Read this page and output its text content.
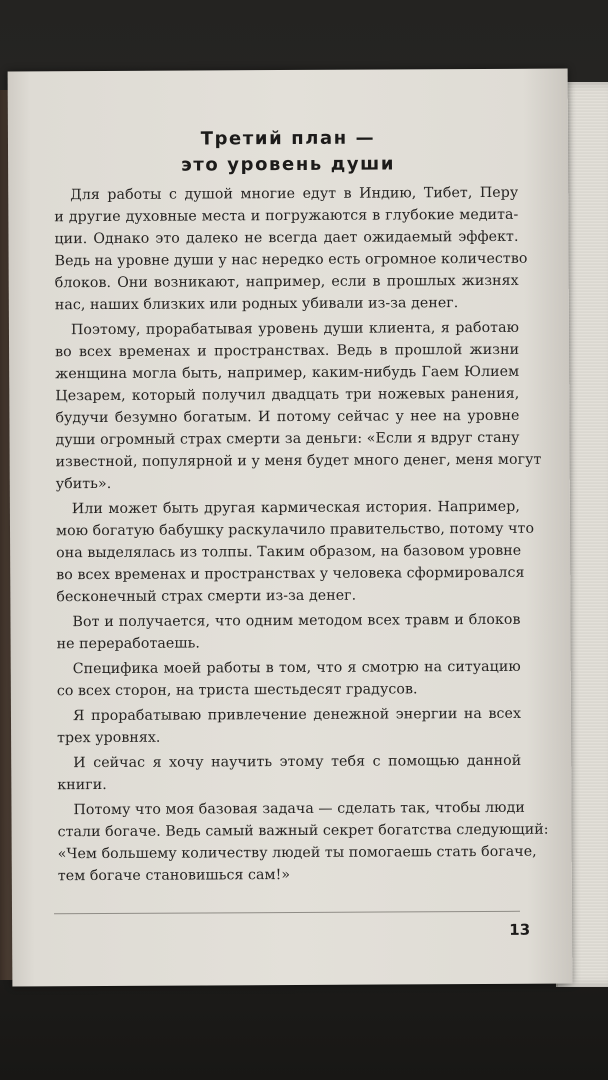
Третий план —
это уровень души
Для работы с душой многие едут в Индию, Тибет, Перу
и другие духовные места и погружаются в глубокие медита-
ции. Однако это далеко не всегда дает ожидаемый эффект.
Ведь на уровне души у нас нередко есть огромное количество
блоков. Они возникают, например, если в прошлых жизнях
нас, наших близких или родных убивали из-за денег.
Поэтому, прорабатывая уровень души клиента, я работаю
во всех временах и пространствах. Ведь в прошлой жизни
женщина могла быть, например, каким-нибудь Гаем Юлием
Цезарем, который получил двадцать три ножевых ранения,
будучи безумно богатым. И потому сейчас у нее на уровне
души огромный страх смерти за деньги: «Если я вдруг стану
известной, популярной и у меня будет много денег, меня могут
убить».
Или может быть другая кармическая история. Например,
мою богатую бабушку раскулачило правительство, потому что
она выделялась из толпы. Таким образом, на базовом уровне
во всех временах и пространствах у человека сформировался
бесконечный страх смерти из-за денег.
Вот и получается, что одним методом всех травм и блоков
не переработаешь.
Специфика моей работы в том, что я смотрю на ситуацию
со всех сторон, на триста шестьдесят градусов.
Я прорабатываю привлечение денежной энергии на всех
трех уровнях.
И сейчас я хочу научить этому тебя с помощью данной
книги.
Потому что моя базовая задача — сделать так, чтобы люди
стали богаче. Ведь самый важный секрет богатства следующий:
«Чем большему количеству людей ты помогаешь стать богаче,
тем богаче становишься сам!»
13
